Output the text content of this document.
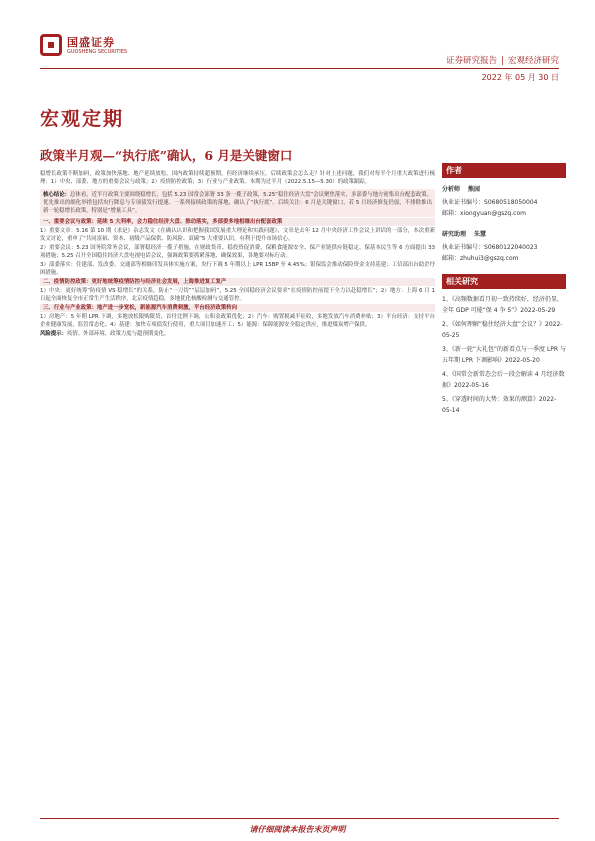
国盛证券
GUOSHENG SECURITIES
证券研究报告 | 宏观经济研究
2022 年 05 月 30 日
宏观定期
政策半月观—“执行底”确认，6 月是关键窗口

稳增长政策不断加码，政策加快落地、地产延续放松。国内政策持续超预期，但经济继续承压，后续政策会怎么走？针对上述问题，我们对每半个月重大政策进行梳理：1）中央、部委、地方的重要会议与政策；2）疫情防控政策；3）行业与产业政策。本期为过半月（2022.5.15—5.30）的政策跟踪。

核心结论：总体看，近半月政策主要围绕稳增长，包括 5.23 国常会部署 33 条一揽子政策，5.25“稳住经济大盘”会议聚焦落实，多部委与地方密集出台配套政策。优先推出的细化举措包括央行降息与专项债发行提速、一系列接续政策的落地，确认了“执行底”。后续关注：6 月是关键窗口，若 5 月经济修复仍弱，不排除推出新一轮稳增长政策，特别是“增量工具”。

一、重要会议与政策：延续 5 大利率，会力稳住经济大盘、推动落实，多部委多地相继出台配套政策

1）重要文章：5.16 第 10 期《求是》杂志发文《在确认认识和把握我国发展重大理论和实践问题》，文章是去年 12 月中央经济工作会议上讲话的一部分，本次重新发文讨论，重申了“共同富裕、资本、初级产品保供、防风险、双碳”5 大重要认识，有利于提升市场信心。

2）重要会议：5.23 国务院常务会议，部署稳经济一揽子措施，在财政货币、稳投资促消费、保粮食能源安全、保产业链供应链稳定、保基本民生等 6 方面提出 33 项措施；5.25 召开全国稳住经济大盘电视电话会议，强调政策要抓紧落地、确保效果，各地要对标行动。

3）部委落实：住建部、发改委、交通部等相继印发具体实施方案，央行下调 5 年期以上 LPR 15BP 至 4.45%；银保监会推动保险资金支持基建；工信部出台助企纾困措施。

二、疫情防控政策：更好地统筹疫情防控与经济社会发展，上海推进复工复产

1）中央：更好统筹“防疫情 VS 稳增长”的关系，防止“一刀切”“层层加码”，5.25 全国稳经济会议要求“在疫情防控前提下全力以赴稳增长”；2）地方：上海 6 月 1 日起全面恢复全市正常生产生活秩序，北京疫情趋稳，多地优化核酸检测与交通管控。

三、行业与产业政策：地产进一步宽松，新能源汽车消费刺激，平台经济政策转向

1）房地产：5 年期 LPR 下调，多地放松限购限贷，首付比例下调，公积金政策优化；2）汽车：购置税减半征收，多地发放汽车消费补贴；3）平台经济：支持平台企业健康发展，监管常态化；4）基建：加快专项债发行使用，重大项目加速开工；5）能源：保障能源安全稳定供应，推进煤炭增产保供。

风险提示：疫情、外部环境、政策力度与超预期变化。

作者
分析师 熊园
执业证书编号：S0680518050004
邮箱：xiongyuan@gszq.com
研究助理 朱慧
执业证书编号：S0680122040023
邮箱：zhuhui3@gszq.com
相关研究
1、《高频数据看月初一致持续好，经济仍显，全年 GDP 可能“保 4 争 5”》2022-05-29
2、《如何理解“稳住经济大盘”会议？》2022-05-25
3、《新一轮“大礼包”的新看点与一季度 LPR 与五年期 LPR 下调影响》2022-05-20
4、《国常会新常态会后一段会解读 4 月经济数据》2022-05-16
5、《穿透时间的大势：效果的测算》2022-05-14
请仔细阅读本报告末页声明
